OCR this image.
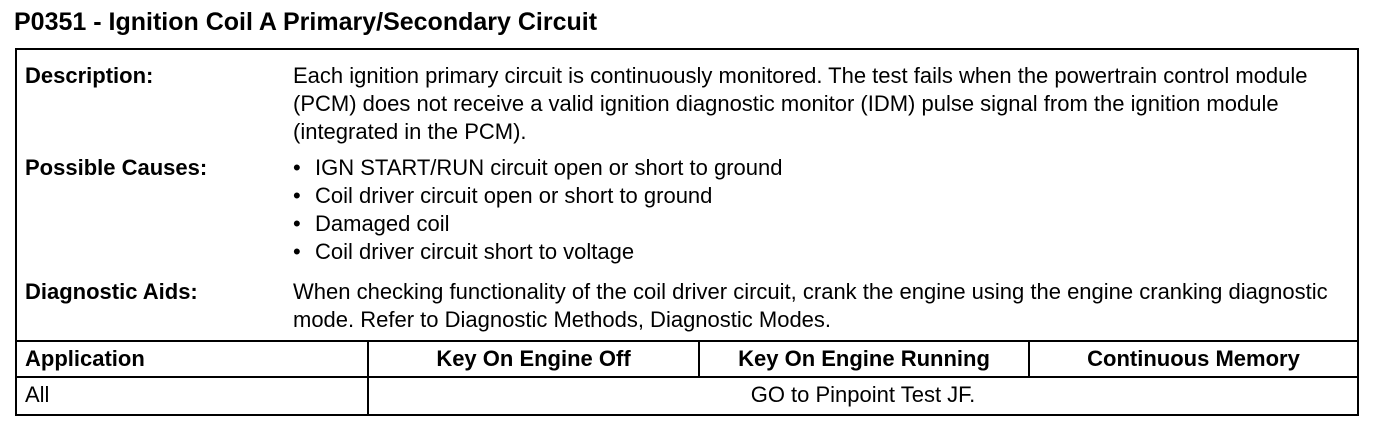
P0351 - Ignition Coil A Primary/Secondary Circuit
Description:	Each ignition primary circuit is continuously monitored. The test fails when the powertrain control module (PCM) does not receive a valid ignition diagnostic monitor (IDM) pulse signal from the ignition module (integrated in the PCM).

Possible Causes:	• IGN START/RUN circuit open or short to ground
• Coil driver circuit open or short to ground
• Damaged coil
• Coil driver circuit short to voltage
Diagnostic Aids:	When checking functionality of the coil driver circuit, crank the engine using the engine cranking diagnostic mode. Refer to Diagnostic Methods, Diagnostic Modes.

Application	Key On Engine Off	Key On Engine Running	Continuous Memory
All	GO to Pinpoint Test JF.
